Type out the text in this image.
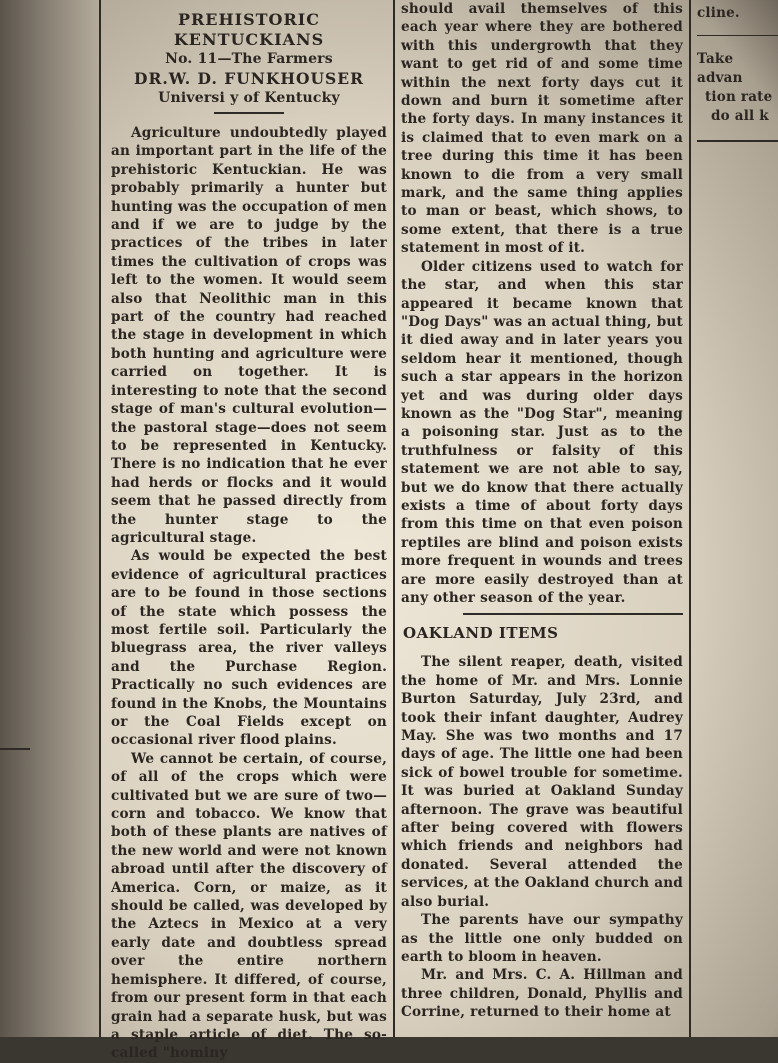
PREHISTORIC KENTUCKIANS
No. 11—The Farmers
DR.W. D. FUNKHOUSER
Universi y of Kentucky

Agriculture undoubtedly played an important part in the life of the prehistoric Kentuckian. He was probably primarily a hunter but hunting was the occupation of men and if we are to judge by the practices of the tribes in later times the cultivation of crops was left to the women. It would seem also that Neolithic man in this part of the country had reached the stage in development in which both hunting and agriculture were carried on together. It is interesting to note that the second stage of man's cultural evolution—the pastoral stage—does not seem to be represented in Kentucky. There is no indication that he ever had herds or flocks and it would seem that he passed directly from the hunter stage to the agricultural stage.

As would be expected the best evidence of agricultural practices are to be found in those sections of the state which possess the most fertile soil. Particularly the bluegrass area, the river valleys and the Purchase Region. Practically no such evidences are found in the Knobs, the Mountains or the Coal Fields except on occasional river flood plains.

We cannot be certain, of course, of all of the crops which were cultivated but we are sure of two—corn and tobacco. We know that both of these plants are natives of the new world and were not known abroad until after the discovery of America. Corn, or maize, as it should be called, was developed by the Aztecs in Mexico at a very early date and doubtless spread over the entire northern hemisphere. It differed, of course, from our present form in that each grain had a separate husk, but was a staple article of diet. The so-called "hominy

should avail themselves of this each year where they are bothered with this undergrowth that they want to get rid of and some time within the next forty days cut it down and burn it sometime after the forty days. In many instances it is claimed that to even mark on a tree during this time it has been known to die from a very small mark, and the same thing applies to man or beast, which shows, to some extent, that there is a true statement in most of it.

Older citizens used to watch for the star, and when this star appeared it became known that "Dog Days" was an actual thing, but it died away and in later years you seldom hear it mentioned, though such a star appears in the horizon yet and was during older days known as the "Dog Star", meaning a poisoning star. Just as to the truthfulness or falsity of this statement we are not able to say, but we do know that there actually exists a time of about forty days from this time on that even poison reptiles are blind and poison exists more frequent in wounds and trees are more easily destroyed than at any other season of the year.

OAKLAND ITEMS

The silent reaper, death, visited the home of Mr. and Mrs. Lonnie Burton Saturday, July 23rd, and took their infant daughter, Audrey May. She was two months and 17 days of age. The little one had been sick of bowel trouble for sometime. It was buried at Oakland Sunday afternoon. The grave was beautiful after being covered with flowers which friends and neighbors had donated. Several attended the services, at the Oakland church and also burial.

The parents have our sympathy as the little one only budded on earth to bloom in heaven.

Mr. and Mrs. C. A. Hillman and three children, Donald, Phyllis and Corrine, returned to their home at

cline.
Take advan
tion rate
do all k
